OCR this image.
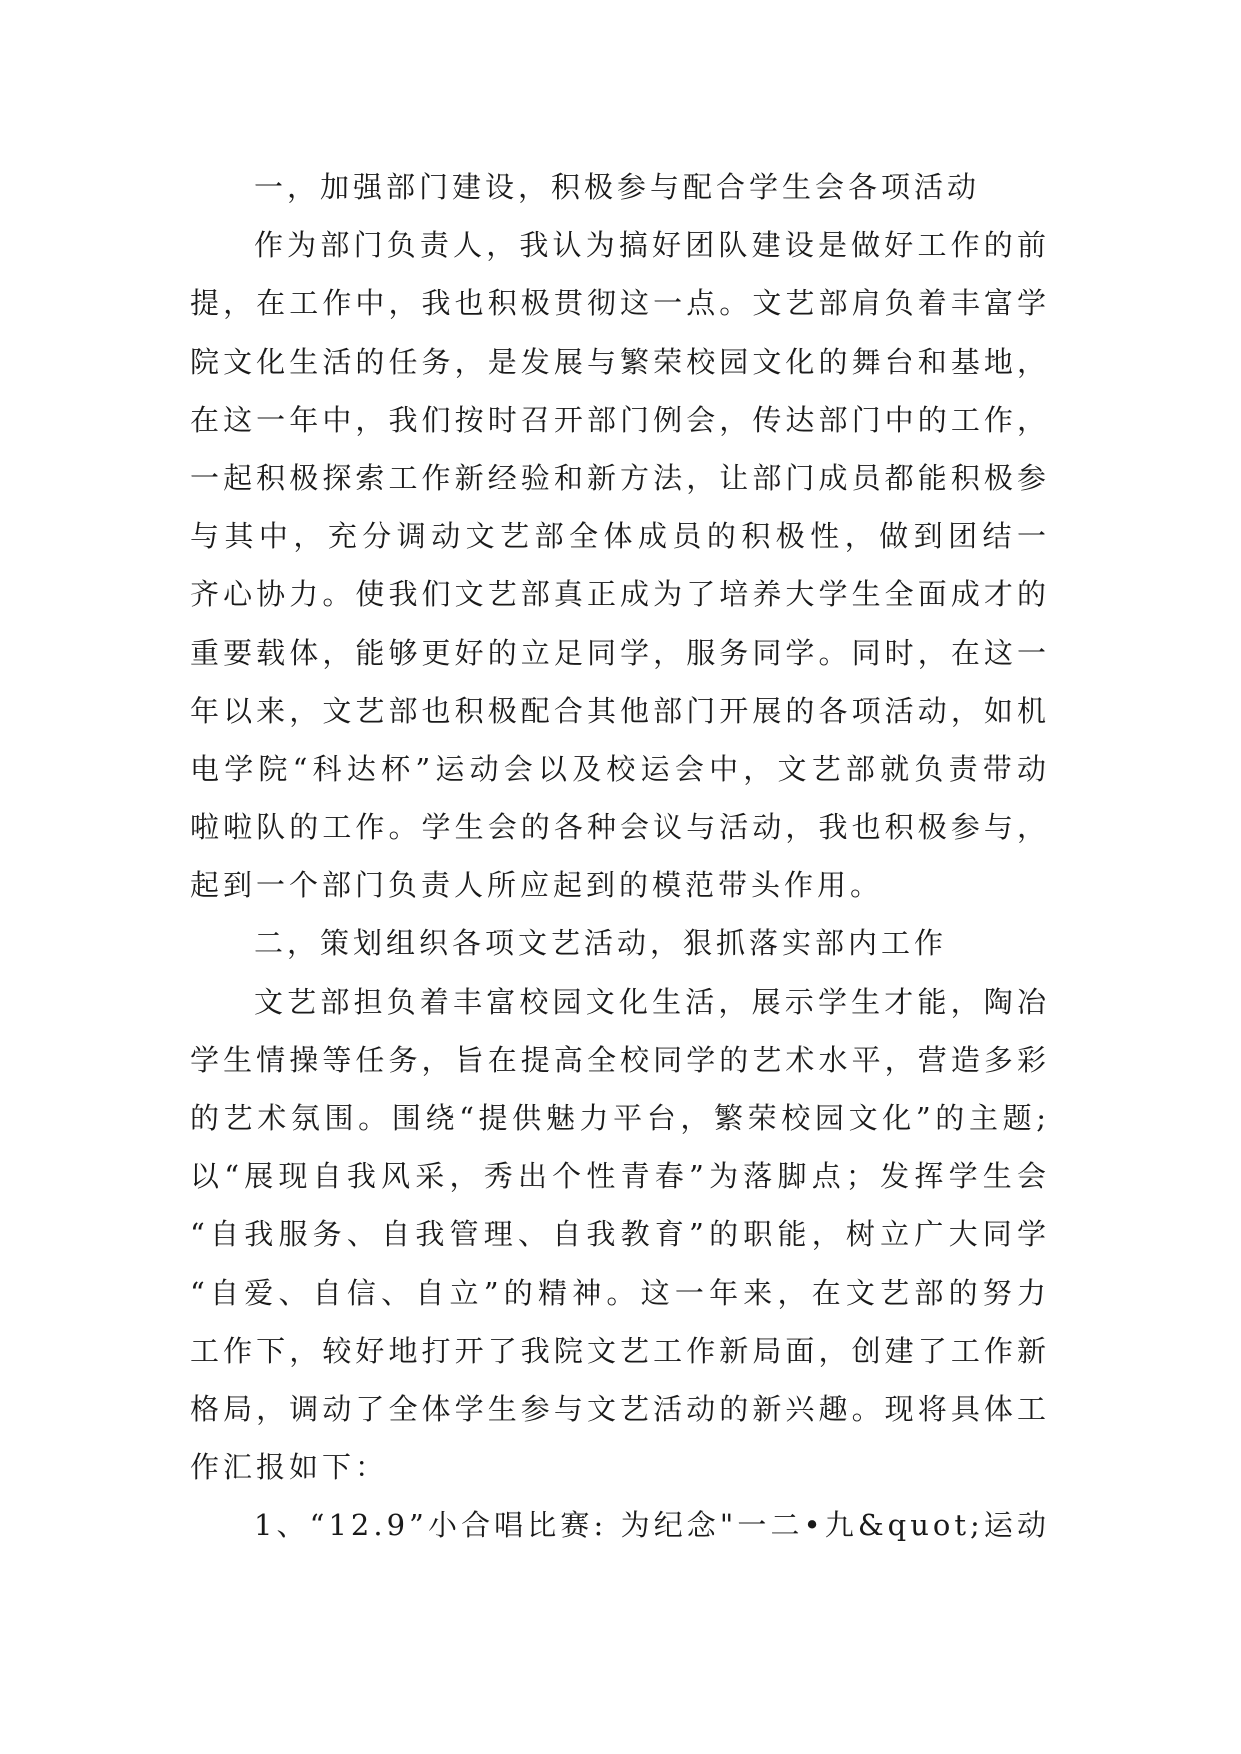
一，加强部门建设，积极参与配合学生会各项活动
作为部门负责人，我认为搞好团队建设是做好工作的前
提，在工作中，我也积极贯彻这一点。文艺部肩负着丰富学
院文化生活的任务，是发展与繁荣校园文化的舞台和基地，
在这一年中，我们按时召开部门例会，传达部门中的工作，
一起积极探索工作新经验和新方法，让部门成员都能积极参
与其中，充分调动文艺部全体成员的积极性，做到团结一
齐心协力。使我们文艺部真正成为了培养大学生全面成才的
重要载体，能够更好的立足同学，服务同学。同时，在这一
年以来，文艺部也积极配合其他部门开展的各项活动，如机
电学院“科达杯”运动会以及校运会中，文艺部就负责带动
啦啦队的工作。学生会的各种会议与活动，我也积极参与，
起到一个部门负责人所应起到的模范带头作用。
二，策划组织各项文艺活动，狠抓落实部内工作
文艺部担负着丰富校园文化生活，展示学生才能，陶冶
学生情操等任务，旨在提高全校同学的艺术水平，营造多彩
的艺术氛围。围绕“提供魅力平台，繁荣校园文化”的主题;
以“展现自我风采，秀出个性青春”为落脚点；发挥学生会
“自我服务、自我管理、自我教育”的职能，树立广大同学
“自爱、自信、自立”的精神。这一年来，在文艺部的努力
工作下，较好地打开了我院文艺工作新局面，创建了工作新
格局，调动了全体学生参与文艺活动的新兴趣。现将具体工
作汇报如下：
1、“12.9”小合唱比赛: 为纪念"一二•九&quot;运动
